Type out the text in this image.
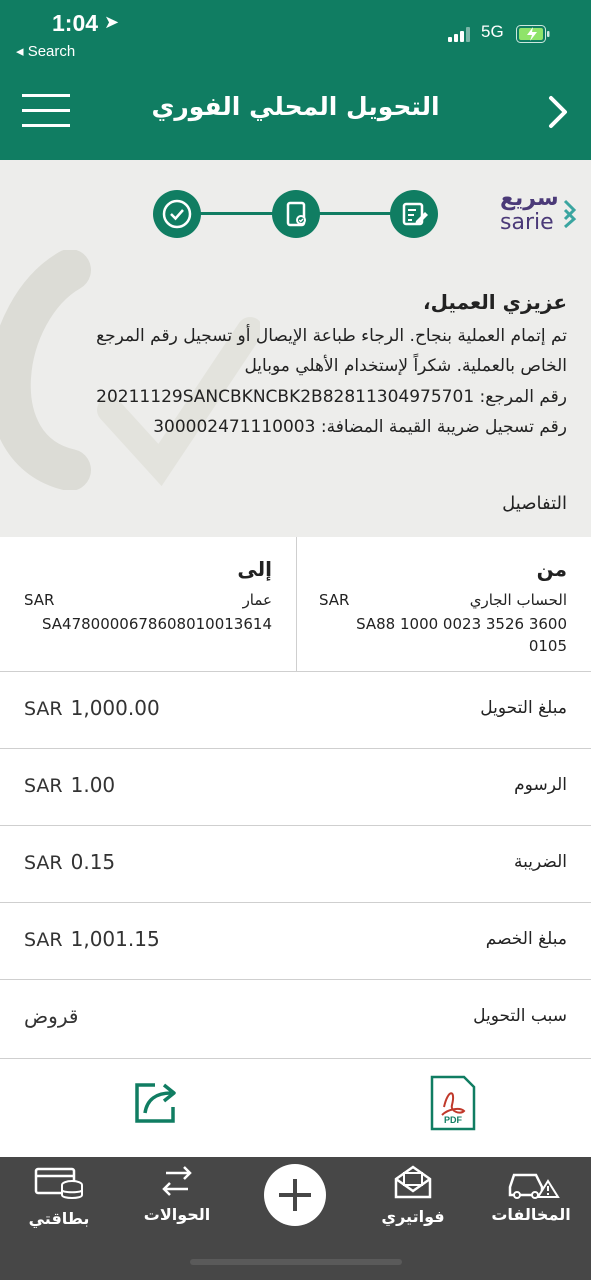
1:04 ➤
◂ Search
5G
التحويل المحلي الفوري
سريع
sarie
عزيزي العميل،
تم إتمام العملية بنجاح. الرجاء طباعة الإيصال أو تسجيل رقم المرجع
الخاص بالعملية. شكراً لإستخدام الأهلي موبايل
رقم المرجع: 20211129SANCBKNCBK2B82811304975701
رقم تسجيل ضريبة القيمة المضافة: 300002471110003
التفاصيل
من
الحساب الجاري
SAR
SA88 1000 0023 3526 3600
0105
إلى
عمار
SAR
SA4780000678608010013614
مبلغ التحويل
SAR 1,000.00
الرسوم
SAR 1.00
الضريبة
SAR 0.15
مبلغ الخصم
SAR 1,001.15
سبب التحويل
قروض
PDF
بطاقتي	الحوالات	فواتيري	المخالفات
